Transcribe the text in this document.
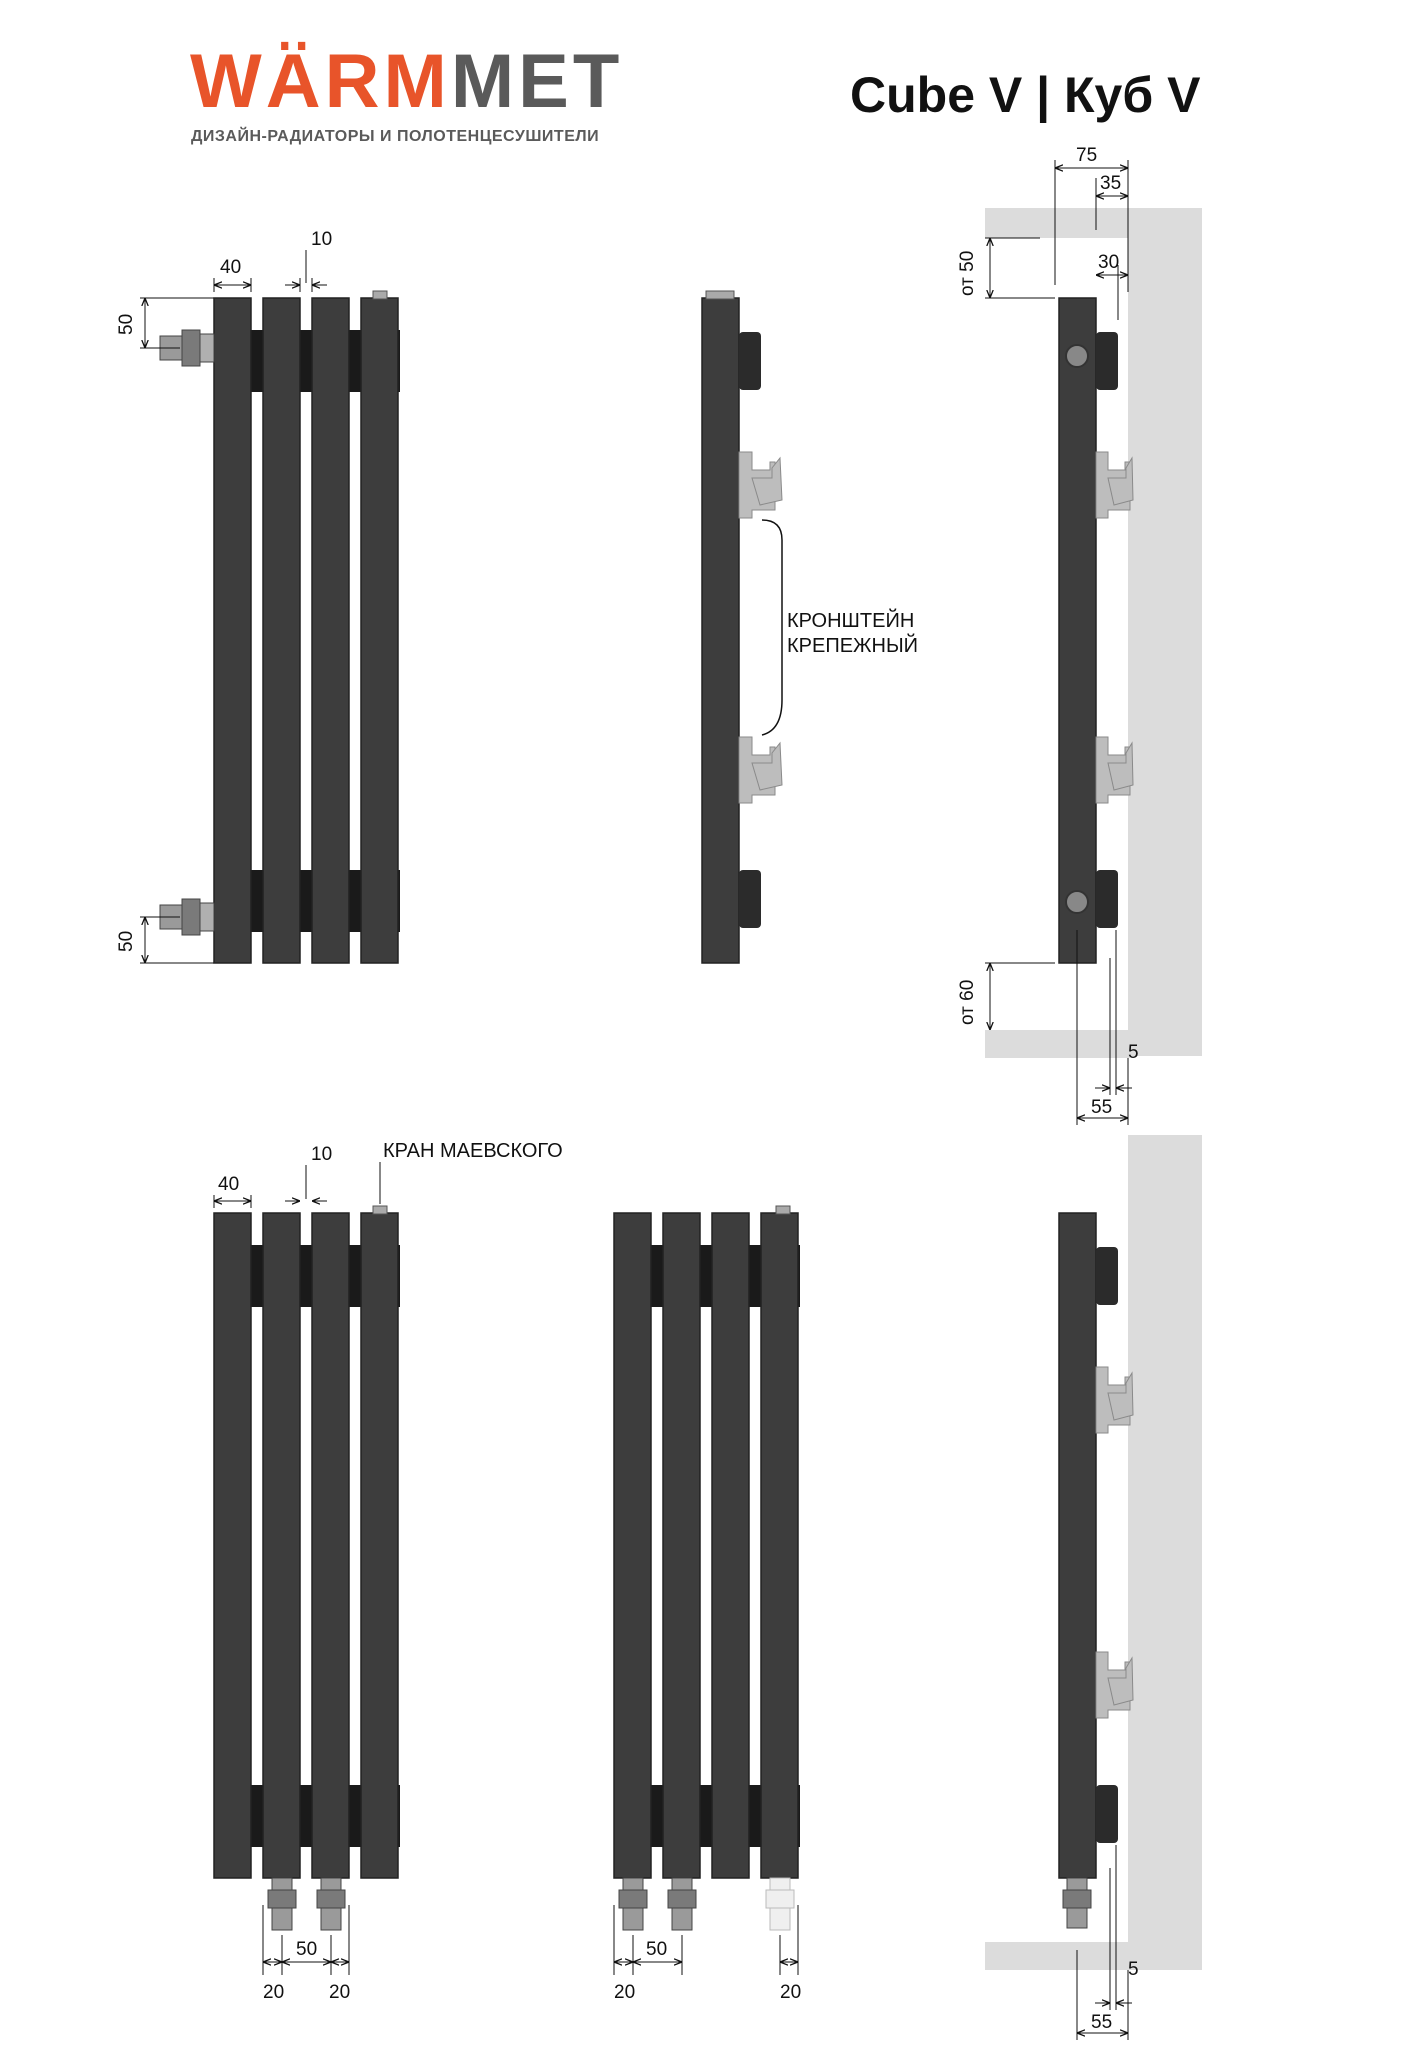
WÄRMMET
ДИЗАЙН-РАДИАТОРЫ И ПОЛОТЕНЦЕСУШИТЕЛИ
Cube V | Куб V
40
10
50
50
КРОНШТЕЙН
КРЕПЕЖНЫЙ
75
35
30
от 50
от 60
5
55
40
10	КРАН МАЕВСКОГО
20
50
20	20
50
20
5
55
